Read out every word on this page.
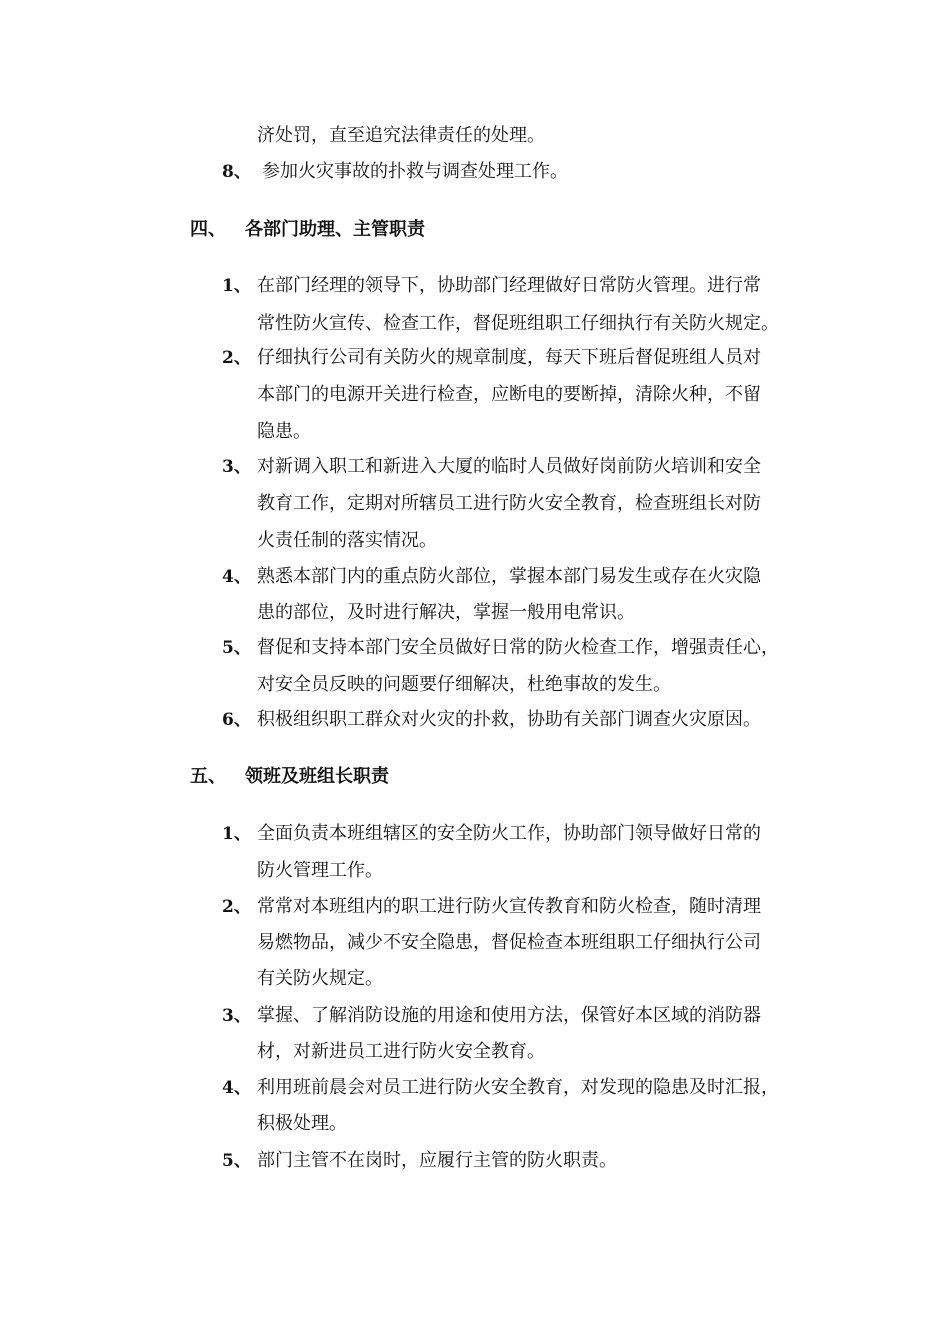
济处罚，直至追究法律责任的处理。
8、 参加火灾事故的扑救与调查处理工作。
四、 各部门助理、主管职责
1、 在部门经理的领导下，协助部门经理做好日常防火管理。进行常
常性防火宣传、检查工作，督促班组职工仔细执行有关防火规定。
2、 仔细执行公司有关防火的规章制度，每天下班后督促班组人员对
本部门的电源开关进行检查，应断电的要断掉，清除火种，不留
隐患。
3、 对新调入职工和新进入大厦的临时人员做好岗前防火培训和安全
教育工作，定期对所辖员工进行防火安全教育，检查班组长对防
火责任制的落实情况。
4、 熟悉本部门内的重点防火部位，掌握本部门易发生或存在火灾隐
患的部位，及时进行解决，掌握一般用电常识。
5、 督促和支持本部门安全员做好日常的防火检查工作，增强责任心，
对安全员反映的问题要仔细解决，杜绝事故的发生。
6、 积极组织职工群众对火灾的扑救，协助有关部门调查火灾原因。
五、 领班及班组长职责
1、 全面负责本班组辖区的安全防火工作，协助部门领导做好日常的
防火管理工作。
2、 常常对本班组内的职工进行防火宣传教育和防火检查，随时清理
易燃物品，减少不安全隐患，督促检查本班组职工仔细执行公司
有关防火规定。
3、 掌握、了解消防设施的用途和使用方法，保管好本区域的消防器
材，对新进员工进行防火安全教育。
4、 利用班前晨会对员工进行防火安全教育，对发现的隐患及时汇报，
积极处理。
5、 部门主管不在岗时，应履行主管的防火职责。
